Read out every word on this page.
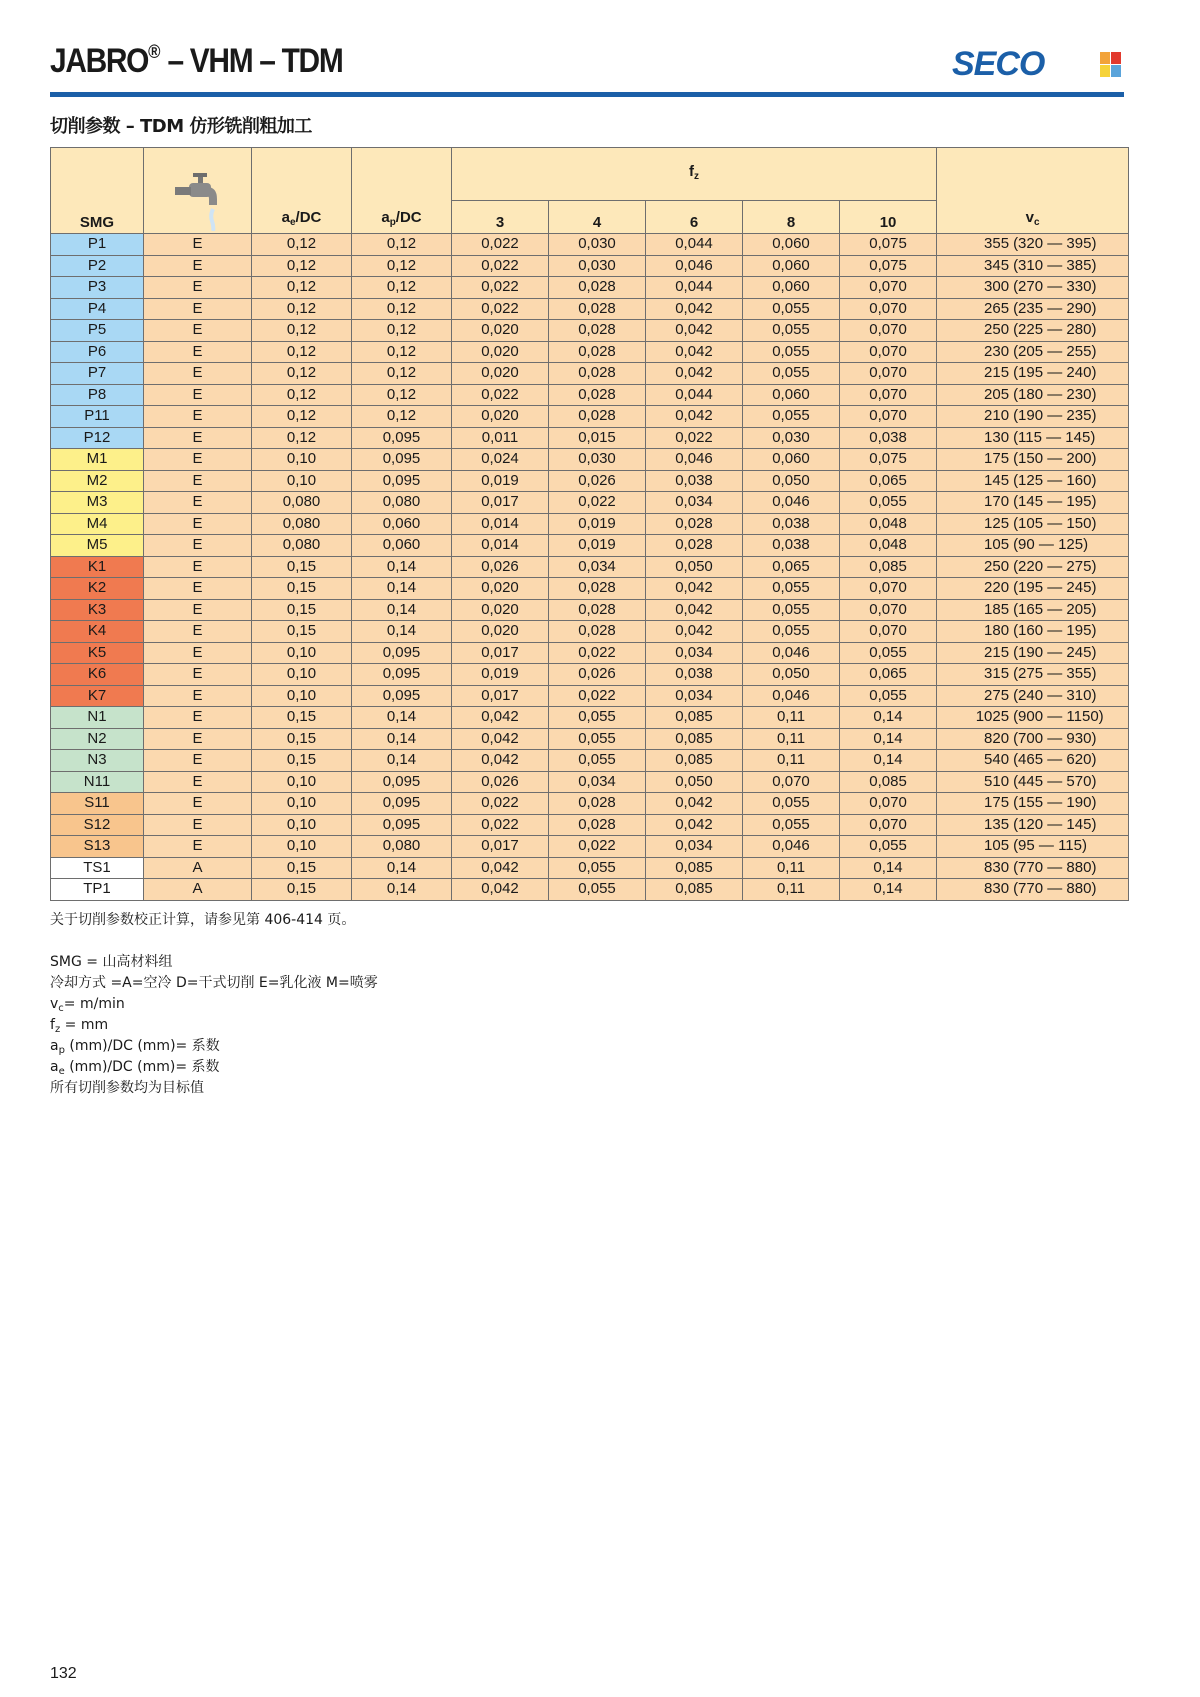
JABRO® – VHM – TDM	SECO
切削参数 – TDM 仿形铣削粗加工
SMG		$a_e/DC$	$a_p/DC$	$f_z$					$v_c$
				3	4	6	8	10	
P1	E	0,12	0,12	0,022	0,030	0,044	0,060	0,075	355 (320 — 395)
P2	E	0,12	0,12	0,022	0,030	0,046	0,060	0,075	345 (310 — 385)
P3	E	0,12	0,12	0,022	0,028	0,044	0,060	0,070	300 (270 — 330)
P4	E	0,12	0,12	0,022	0,028	0,042	0,055	0,070	265 (235 — 290)
P5	E	0,12	0,12	0,020	0,028	0,042	0,055	0,070	250 (225 — 280)
P6	E	0,12	0,12	0,020	0,028	0,042	0,055	0,070	230 (205 — 255)
P7	E	0,12	0,12	0,020	0,028	0,042	0,055	0,070	215 (195 — 240)
P8	E	0,12	0,12	0,022	0,028	0,044	0,060	0,070	205 (180 — 230)
P11	E	0,12	0,12	0,020	0,028	0,042	0,055	0,070	210 (190 — 235)
P12	E	0,12	0,095	0,011	0,015	0,022	0,030	0,038	130 (115 — 145)
M1	E	0,10	0,095	0,024	0,030	0,046	0,060	0,075	175 (150 — 200)
M2	E	0,10	0,095	0,019	0,026	0,038	0,050	0,065	145 (125 — 160)
M3	E	0,080	0,080	0,017	0,022	0,034	0,046	0,055	170 (145 — 195)
M4	E	0,080	0,060	0,014	0,019	0,028	0,038	0,048	125 (105 — 150)
M5	E	0,080	0,060	0,014	0,019	0,028	0,038	0,048	105 (90 — 125)
K1	E	0,15	0,14	0,026	0,034	0,050	0,065	0,085	250 (220 — 275)
K2	E	0,15	0,14	0,020	0,028	0,042	0,055	0,070	220 (195 — 245)
K3	E	0,15	0,14	0,020	0,028	0,042	0,055	0,070	185 (165 — 205)
K4	E	0,15	0,14	0,020	0,028	0,042	0,055	0,070	180 (160 — 195)
K5	E	0,10	0,095	0,017	0,022	0,034	0,046	0,055	215 (190 — 245)
K6	E	0,10	0,095	0,019	0,026	0,038	0,050	0,065	315 (275 — 355)
K7	E	0,10	0,095	0,017	0,022	0,034	0,046	0,055	275 (240 — 310)
N1	E	0,15	0,14	0,042	0,055	0,085	0,11	0,14	1025 (900 — 1150)
N2	E	0,15	0,14	0,042	0,055	0,085	0,11	0,14	820 (700 — 930)
N3	E	0,15	0,14	0,042	0,055	0,085	0,11	0,14	540 (465 — 620)
N11	E	0,10	0,095	0,026	0,034	0,050	0,070	0,085	510 (445 — 570)
S11	E	0,10	0,095	0,022	0,028	0,042	0,055	0,070	175 (155 — 190)
S12	E	0,10	0,095	0,022	0,028	0,042	0,055	0,070	135 (120 — 145)
S13	E	0,10	0,080	0,017	0,022	0,034	0,046	0,055	105 (95 — 115)
TS1	A	0,15	0,14	0,042	0,055	0,085	0,11	0,14	830 (770 — 880)
TP1	A	0,15	0,14	0,042	0,055	0,085	0,11	0,14	830 (770 — 880)
关于切削参数校正计算，请参见第 406-414 页。
SMG = 山高材料组
冷却方式 =A=空冷 D=干式切削 E=乳化液 M=喷雾
$v_c= m/\min$
$f_z$ = mm
$a_p$ (mm)/DC (mm)= 系数
$a_e$ (mm)/DC (mm)= 系数
所有切削参数均为目标值
132
